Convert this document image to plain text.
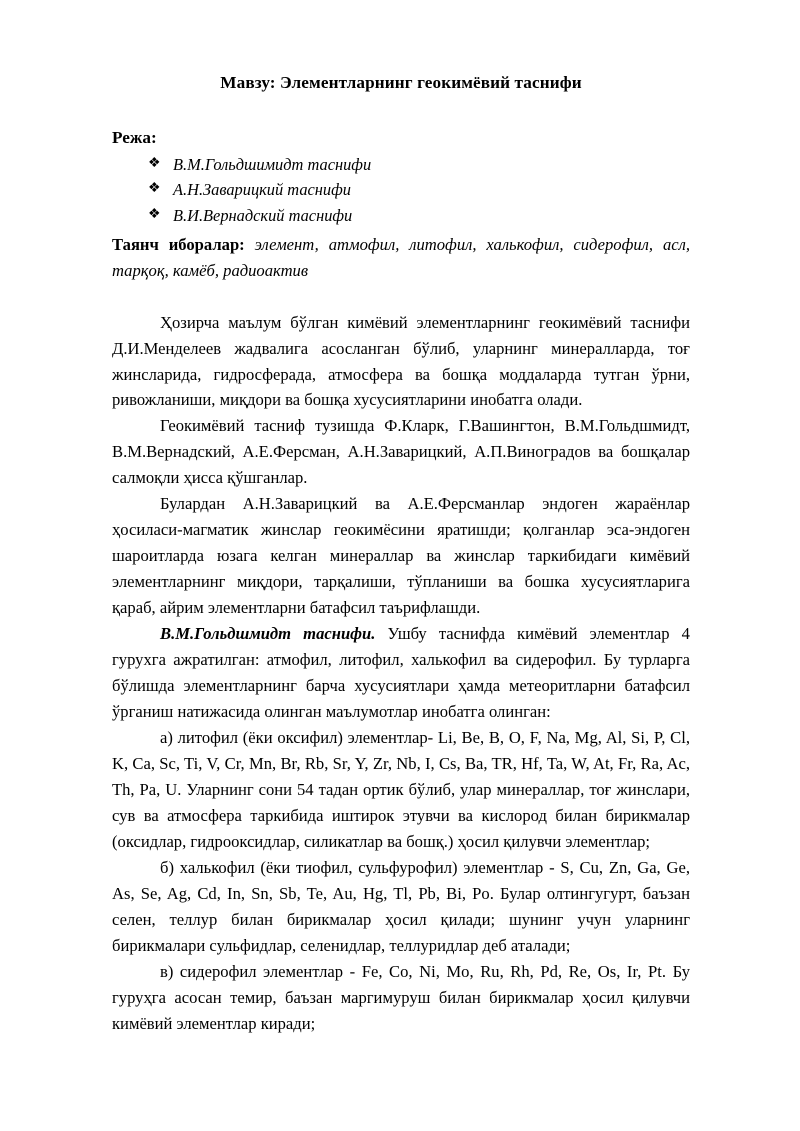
Мавзу: Элементларнинг геокимёвий таснифи
Режа:
❖ В.М.Гольдшимидт таснифи
❖ А.Н.Заварицкий таснифи
❖ В.И.Вернадский таснифи

Таянч иборалар: элемент, атмофил, литофил, халькофил, сидерофил, асл, тарқоқ, камёб, радиоактив

Ҳозирча маълум бўлган кимёвий элементларнинг геокимёвий таснифи Д.И.Менделеев жадвалига асосланган бўлиб, уларнинг минералларда, тоғ жинсларида, гидросферада, атмосфера ва бошқа моддаларда тутган ўрни, ривожланиши, миқдори ва бошқа хусусиятларини инобатга олади.

Геокимёвий тасниф тузишда Ф.Кларк, Г.Вашингтон, В.М.Гольдшмидт, В.М.Вернадский, А.Е.Ферсман, А.Н.Заварицкий, А.П.Виноградов ва бошқалар салмоқли ҳисса қўшганлар.

Булардан А.Н.Заварицкий ва А.Е.Ферсманлар эндоген жараёнлар ҳосиласи-магматик жинслар геокимёсини яратишди; қолганлар эса-эндоген шароитларда юзага келган минераллар ва жинслар таркибидаги кимёвий элементларнинг миқдори, тарқалиши, тўпланиши ва бошка хусусиятларига қараб, айрим элементларни батафсил таърифлашди.

В.М.Гольдшмидт таснифи. Ушбу таснифда кимёвий элементлар 4 гурухга ажратилган: атмофил, литофил, халькофил ва сидерофил. Бу турларга бўлишда элементларнинг барча хусусиятлари ҳамда метеоритларни батафсил ўрганиш натижасида олинган маълумотлар инобатга олинган:

а) литофил (ёки оксифил) элементлар- Li, Be, B, O, F, Na, Mg, Al, Si, P, Cl, K, Ca, Sc, Ti, V, Cr, Mn, Br, Rb, Sr, Y, Zr, Nb, I, Cs, Ba, TR, Hf, Ta, W, At, Fr, Ra, Ac, Th, Pa, U. Уларнинг сони 54 тадан ортик бўлиб, улар минераллар, тоғ жинслари, сув ва атмосфера таркибида иштирок этувчи ва кислород билан бирикмалар (оксидлар, гидрооксидлар, силикатлар ва бошқ.) ҳосил қилувчи элементлар;

б) халькофил (ёки тиофил, сульфурофил) элементлар - S, Cu, Zn, Ga, Ge, As, Se, Ag, Cd, In, Sn, Sb, Te, Au, Hg, Tl, Pb, Bi, Po. Булар олтингугурт, баъзан селен, теллур билан бирикмалар ҳосил қилади; шунинг учун уларнинг бирикмалари сульфидлар, селенидлар, теллуридлар деб аталади;

в) сидерофил элементлар - Fe, Co, Ni, Mo, Ru, Rh, Pd, Re, Os, Ir, Pt. Бу гуруҳга асосан темир, баъзан маргимуруш билан бирикмалар ҳосил қилувчи кимёвий элементлар киради;
